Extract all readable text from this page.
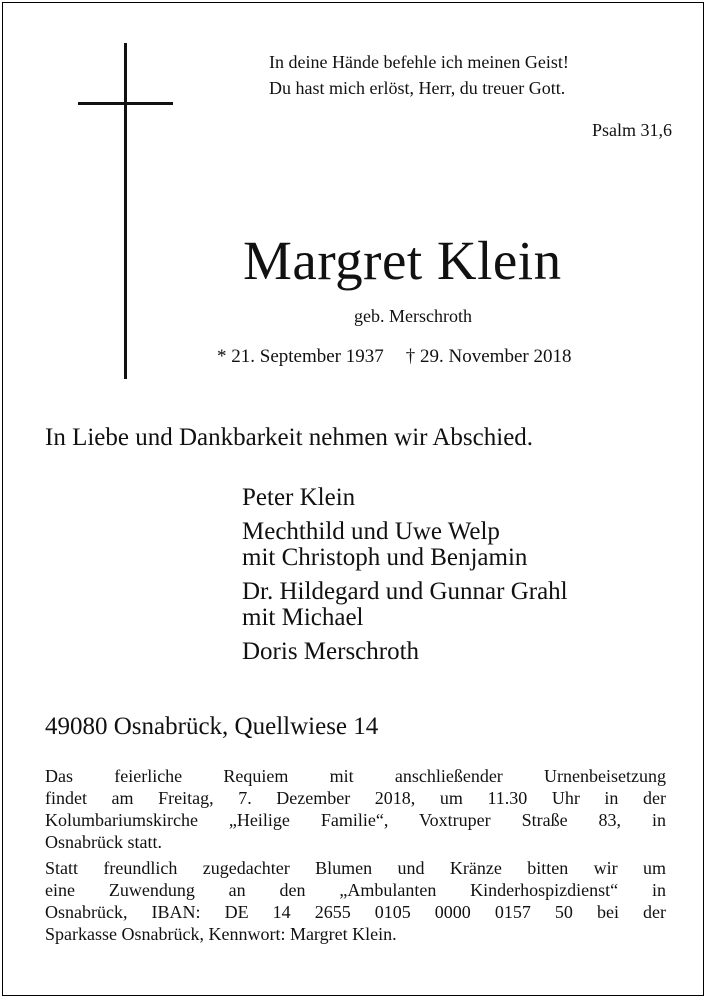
In deine Hände befehle ich meinen Geist!
Du hast mich erlöst, Herr, du treuer Gott.
Psalm 31,6
Margret Klein
geb. Merschroth
* 21. September 1937 † 29. November 2018
In Liebe und Dankbarkeit nehmen wir Abschied.
Peter Klein
Mechthild und Uwe Welp
mit Christoph und Benjamin
Dr. Hildegard und Gunnar Grahl
mit Michael
Doris Merschroth
49080 Osnabrück, Quellwiese 14
Das feierliche Requiem mit anschließender Urnenbeisetzung
findet am Freitag, 7. Dezember 2018, um 11.30 Uhr in der
Kolumbariumskirche „Heilige Familie“, Voxtruper Straße 83, in
Osnabrück statt.
Statt freundlich zugedachter Blumen und Kränze bitten wir um
eine Zuwendung an den „Ambulanten Kinderhospizdienst“ in
Osnabrück, IBAN: DE 14 2655 0105 0000 0157 50 bei der
Sparkasse Osnabrück, Kennwort: Margret Klein.
